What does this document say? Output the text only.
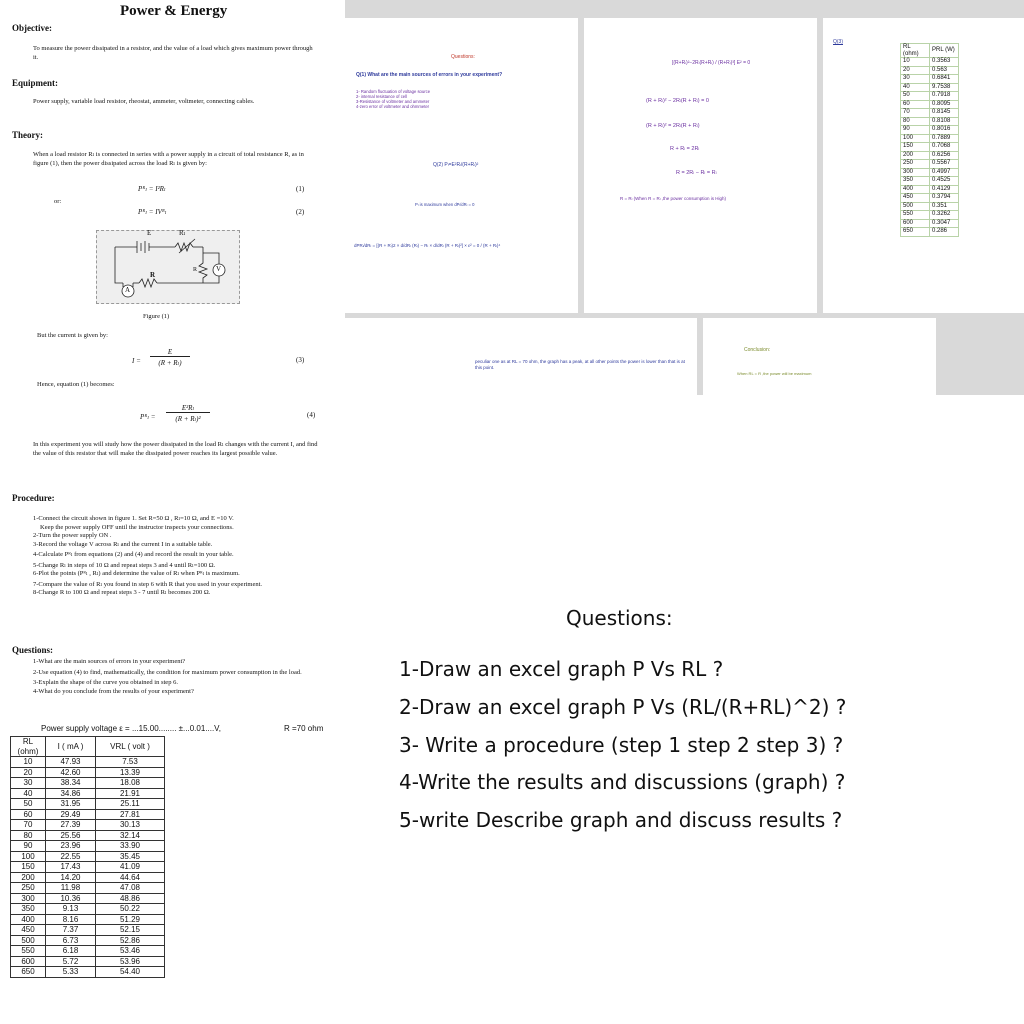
Power & Energy
Objective:
To measure the power dissipated in a resistor, and the value of a load which gives maximum power through it.
Equipment:
Power supply, variable load resistor, rheostat, ammeter, voltmeter, connecting cables.
Theory:
When a load resistor Rₗ is connected in series with a power supply in a circuit of total resistance R, as in figure (1), then the power dissipated across the load Rₗ is given by:
Pᴿₗ = I²Rₗ	(1)
or:
Pᴿₗ = IVᴿₗ	(2)
E	Rₗ
R	V
R
A
Figure (1)
But the current is given by:
I =
E
(R + Rₗ)	(3)
Hence, equation (1) becomes:
Pᴿₗ =
E²Rₗ
(R + Rₗ)²	(4)
In this experiment you will study how the power dissipated in the load Rₗ changes with the current I, and find the value of this resistor that will make the dissipated power reaches its largest possible value.
Procedure:
1-Connect the circuit shown in figure 1. Set R=50 Ω , Rₗ=10 Ω, and E =10 V.
Keep the power supply OFF until the instructor inspects your connections.
2-Turn the power supply ON .
3-Record the voltage V across Rₗ and the current I in a suitable table.
4-Calculate Pᴿₗ from equations (2) and (4) and record the result in your table.
5-Change Rₗ in steps of 10 Ω and repeat steps 3 and 4 until Rₗ=100 Ω.
6-Plot the points (Pᴿₗ , Rₗ) and determine the value of Rₗ when Pᴿₗ is maximum.
7-Compare the value of Rₗ you found in step 6 with R that you used in your experiment.
8-Change R to 100 Ω and repeat steps 3 - 7 until Rₗ becomes 200 Ω.
Questions:
1-What are the main sources of errors in your experiment?
2-Use equation (4) to find, mathematically, the condition for maximum power consumption in the load.
3-Explain the shape of the curve you obtained in step 6.
4-What do you conclude from the results of your experiment?
Power supply voltage ε = ...15.00........ ±...0.01....V,	R =70 ohm
RL (ohm)	I ( mA )	VRL ( volt )
10	47.93	7.53
20	42.60	13.39
30	38.34	18.08
40	34.86	21.91
50	31.95	25.11
60	29.49	27.81
70	27.39	30.13
80	25.56	32.14
90	23.96	33.90
100	22.55	35.45
150	17.43	41.09
200	14.20	44.64
250	11.98	47.08
300	10.36	48.86
350	9.13	50.22
400	8.16	51.29
450	7.37	52.15
500	6.73	52.86
550	6.18	53.46
600	5.72	53.96
650	5.33	54.40
Questions:
Q(1) What are the main sources of errors in your experiment?
1- Random fluctuation of voltage source
2- internal resistance of cell
3-Resistance of voltmeter and ammeter
4-zero error of voltmeter and ohmmeter
Q(2) Pₗ=E²Rₗ/(R+Rₗ)²
Pₗ is maximum when dPₗ/dRₗ = 0
dPRₗ/dRₗ = [(R + Rₗ)2 × d/dRₗ (Rₗ) − Rₗ × d/dRₗ (R + Rₗ)²] × ε² = 0 / (R + Rₗ)⁴
[(R+Rₗ)²−2Rₗ(R+Rₗ) / (R+Rₗ)³] E² = 0
(R + Rₗ)² − 2Rₗ(R + Rₗ) = 0
(R + Rₗ)² = 2Rₗ(R + Rₗ)
R + Rₗ = 2Rₗ
R = 2Rₗ − Rₗ = Rₗ
R = Rₗ (When R = Rₗ ,the power consumption is High)
Q(3)
RL (ohm)	PRL (W)
10	0.3563
20	0.563
30	0.6841
40	9.7538
50	0.7918
60	0.8095
70	0.8145
80	0.8108
90	0.8016
100	0.7889
150	0.7068
200	0.6256
250	0.5567
300	0.4997
350	0.4525
400	0.4129
450	0.3794
500	0.351
550	0.3262
600	0.3047
650	0.286
peculiar one as at RL = 70 ohm, the graph has a peak, at all other points the power is lower than that is at this point.
Conclusion:
When RL = R ,the power will be maximum
Questions:
1-Draw an excel graph P Vs RL ?
2-Draw an excel graph P Vs (RL/(R+RL)^2) ?
3- Write a procedure (step 1 step 2 step 3) ?
4-Write the results and discussions (graph) ?
5-write Describe graph and discuss results ?
